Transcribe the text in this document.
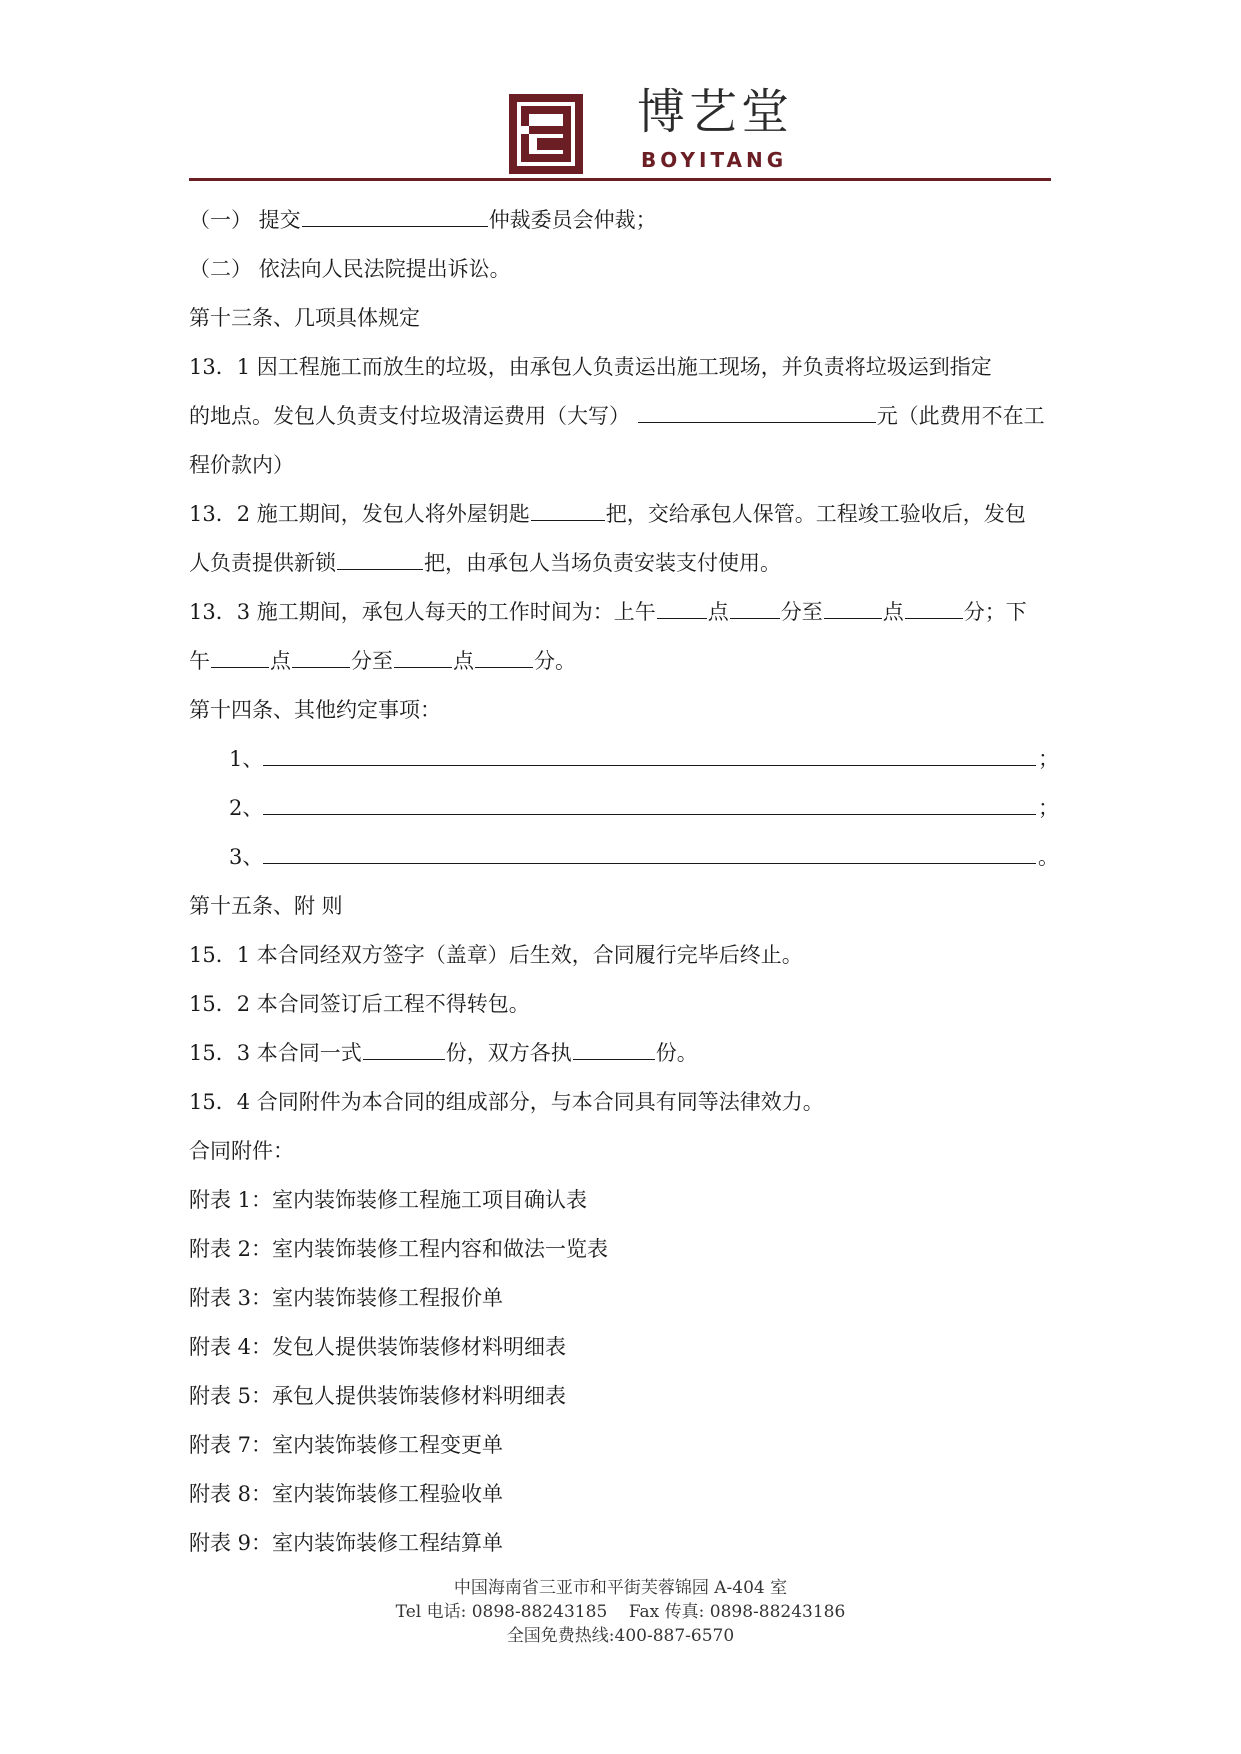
博艺堂
BOYITANG
（一） 提交	仲裁委员会仲裁；
（二） 依法向人民法院提出诉讼。
第十三条、几项具体规定
13．1 因工程施工而放生的垃圾，由承包人负责运出施工现场，并负责将垃圾运到指定
的地点。发包人负责支付垃圾清运费用（大写）	元（此费用不在工
程价款内）
13．2 施工期间，发包人将外屋钥匙	把，交给承包人保管。工程竣工验收后，发包
人负责提供新锁	把，由承包人当场负责安装支付使用。
13．3 施工期间，承包人每天的工作时间为：上午 点 分至	点	分；下
午	点	分至	点	分。
第十四条、其他约定事项：
1、	；
2、	；
3、	。
第十五条、附 则
15．1 本合同经双方签字（盖章）后生效，合同履行完毕后终止。
15．2 本合同签订后工程不得转包。
15．3 本合同一式	份，双方各执	份。
15．4 合同附件为本合同的组成部分，与本合同具有同等法律效力。
合同附件：
附表 1：室内装饰装修工程施工项目确认表
附表 2：室内装饰装修工程内容和做法一览表
附表 3：室内装饰装修工程报价单
附表 4：发包人提供装饰装修材料明细表
附表 5：承包人提供装饰装修材料明细表
附表 7：室内装饰装修工程变更单
附表 8：室内装饰装修工程验收单
附表 9：室内装饰装修工程结算单
中国海南省三亚市和平街芙蓉锦园 A-404 室
Tel 电话: 0898-88243185    Fax 传真: 0898-88243186
全国免费热线:400-887-6570
